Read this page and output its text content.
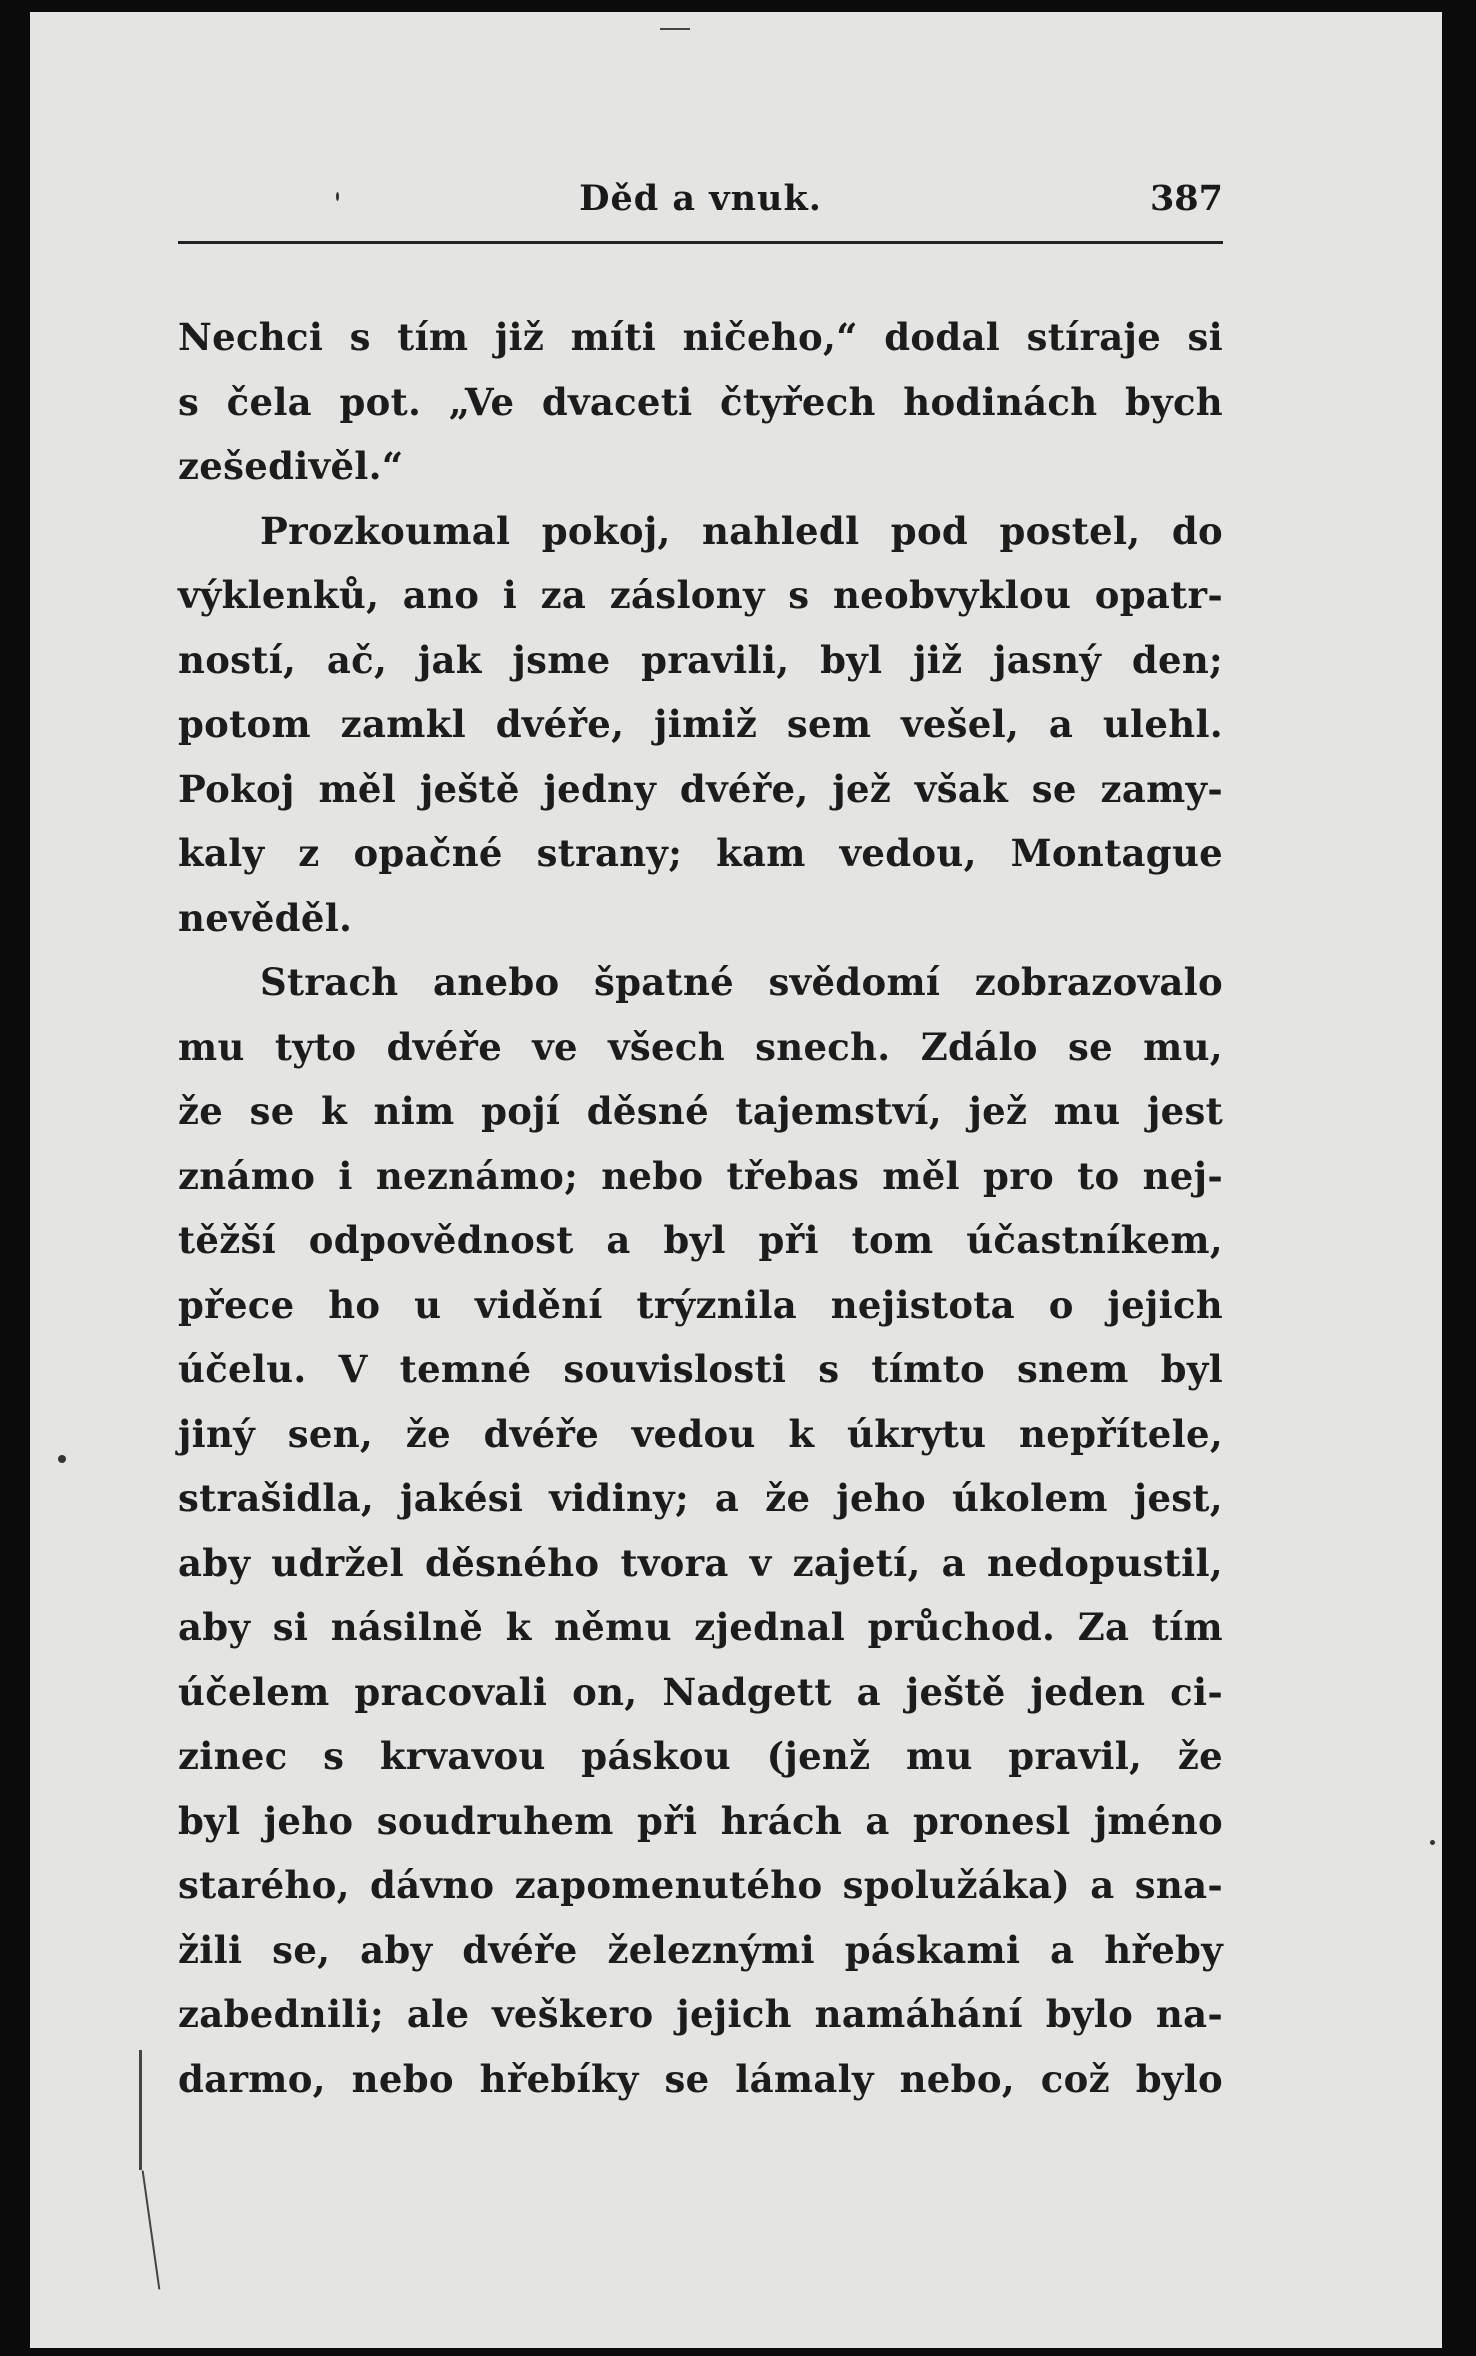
Děd a vnuk.	387
Nechci s tím již míti ničeho,“ dodal stíraje si
s čela pot. „Ve dvaceti čtyřech hodinách bych
zešedivěl.“
Prozkoumal pokoj, nahledl pod postel, do
výklenků, ano i za záslony s neobvyklou opatr-
ností, ač, jak jsme pravili, byl již jasný den;
potom zamkl dvéře, jimiž sem vešel, a ulehl.
Pokoj měl ještě jedny dvéře, jež však se zamy-
kaly z opačné strany; kam vedou, Montague
nevěděl.
Strach anebo špatné svědomí zobrazovalo
mu tyto dvéře ve všech snech. Zdálo se mu,
že se k nim pojí děsné tajemství, jež mu jest
známo i neznámo; nebo třebas měl pro to nej-
těžší odpovědnost a byl při tom účastníkem,
přece ho u vidění trýznila nejistota o jejich
účelu. V temné souvislosti s tímto snem byl
jiný sen, že dvéře vedou k úkrytu nepřítele,
strašidla, jakési vidiny; a že jeho úkolem jest,
aby udržel děsného tvora v zajetí, a nedopustil,
aby si násilně k němu zjednal průchod. Za tím
účelem pracovali on, Nadgett a ještě jeden ci-
zinec s krvavou páskou (jenž mu pravil, že
byl jeho soudruhem při hrách a pronesl jméno
starého, dávno zapomenutého spolužáka) a sna-
žili se, aby dvéře železnými páskami a hřeby
zabednili; ale veškero jejich namáhání bylo na-
darmo, nebo hřebíky se lámaly nebo, což bylo
